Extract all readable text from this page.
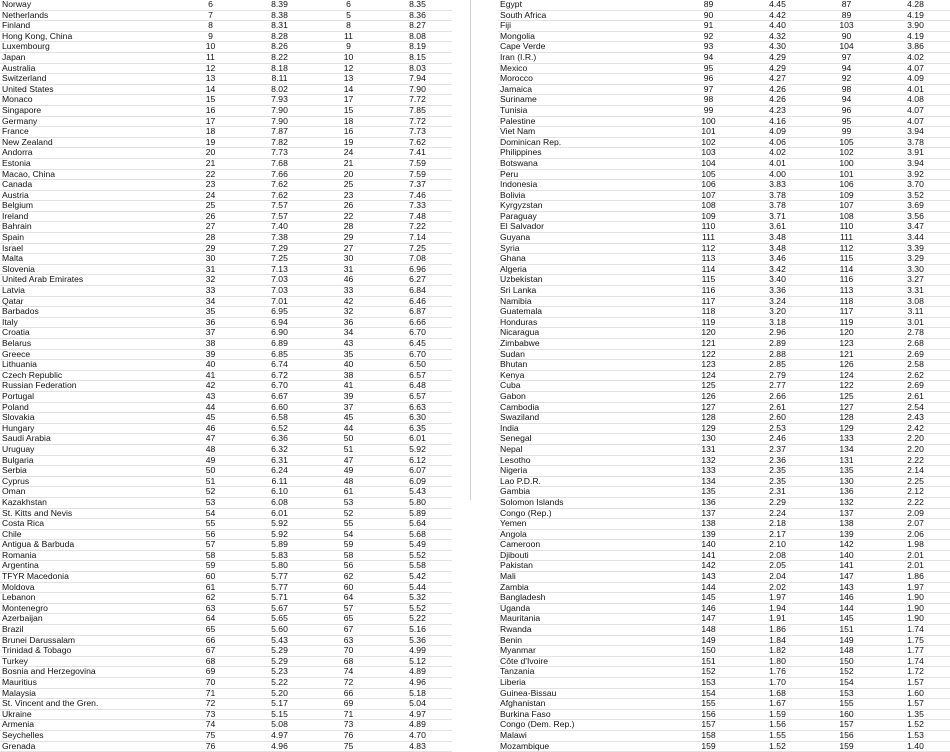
Norway	6	8.39	6	8.35
Netherlands	7	8.38	5	8.36
Finland	8	8.31	8	8.27
Hong Kong, China	9	8.28	11	8.08
Luxembourg	10	8.26	9	8.19
Japan	11	8.22	10	8.15
Australia	12	8.18	12	8.03
Switzerland	13	8.11	13	7.94
United States	14	8.02	14	7.90
Monaco	15	7.93	17	7.72
Singapore	16	7.90	15	7.85
Germany	17	7.90	18	7.72
France	18	7.87	16	7.73
New Zealand	19	7.82	19	7.62
Andorra	20	7.73	24	7.41
Estonia	21	7.68	21	7.59
Macao, China	22	7.66	20	7.59
Canada	23	7.62	25	7.37
Austria	24	7.62	23	7.46
Belgium	25	7.57	26	7.33
Ireland	26	7.57	22	7.48
Bahrain	27	7.40	28	7.22
Spain	28	7.38	29	7.14
Israel	29	7.29	27	7.25
Malta	30	7.25	30	7.08
Slovenia	31	7.13	31	6.96
United Arab Emirates	32	7.03	46	6.27
Latvia	33	7.03	33	6.84
Qatar	34	7.01	42	6.46
Barbados	35	6.95	32	6.87
Italy	36	6.94	36	6.66
Croatia	37	6.90	34	6.70
Belarus	38	6.89	43	6.45
Greece	39	6.85	35	6.70
Lithuania	40	6.74	40	6.50
Czech Republic	41	6.72	38	6.57
Russian Federation	42	6.70	41	6.48
Portugal	43	6.67	39	6.57
Poland	44	6.60	37	6.63
Slovakia	45	6.58	45	6.30
Hungary	46	6.52	44	6.35
Saudi Arabia	47	6.36	50	6.01
Uruguay	48	6.32	51	5.92
Bulgaria	49	6.31	47	6.12
Serbia	50	6.24	49	6.07
Cyprus	51	6.11	48	6.09
Oman	52	6.10	61	5.43
Kazakhstan	53	6.08	53	5.80
St. Kitts and Nevis	54	6.01	52	5.89
Costa Rica	55	5.92	55	5.64
Chile	56	5.92	54	5.68
Antigua & Barbuda	57	5.89	59	5.49
Romania	58	5.83	58	5.52
Argentina	59	5.80	56	5.58
TFYR Macedonia	60	5.77	62	5.42
Moldova	61	5.77	60	5.44
Lebanon	62	5.71	64	5.32
Montenegro	63	5.67	57	5.52
Azerbaijan	64	5.65	65	5.22
Brazil	65	5.60	67	5.16
Brunei Darussalam	66	5.43	63	5.36
Trinidad & Tobago	67	5.29	70	4.99
Turkey	68	5.29	68	5.12
Bosnia and Herzegovina	69	5.23	74	4.89
Mauritius	70	5.22	72	4.96
Malaysia	71	5.20	66	5.18
St. Vincent and the Gren.	72	5.17	69	5.04
Ukraine	73	5.15	71	4.97
Armenia	74	5.08	73	4.89
Seychelles	75	4.97	76	4.70
Grenada	76	4.96	75	4.83
Egypt	89	4.45	87	4.28
South Africa	90	4.42	89	4.19
Fiji	91	4.40	103	3.90
Mongolia	92	4.32	90	4.19
Cape Verde	93	4.30	104	3.86
Iran (I.R.)	94	4.29	97	4.02
Mexico	95	4.29	94	4.07
Morocco	96	4.27	92	4.09
Jamaica	97	4.26	98	4.01
Suriname	98	4.26	94	4.08
Tunisia	99	4.23	96	4.07
Palestine	100	4.16	95	4.07
Viet Nam	101	4.09	99	3.94
Dominican Rep.	102	4.06	105	3.78
Philippines	103	4.02	102	3.91
Botswana	104	4.01	100	3.94
Peru	105	4.00	101	3.92
Indonesia	106	3.83	106	3.70
Bolivia	107	3.78	109	3.52
Kyrgyzstan	108	3.78	107	3.69
Paraguay	109	3.71	108	3.56
El Salvador	110	3.61	110	3.47
Guyana	111	3.48	111	3.44
Syria	112	3.48	112	3.39
Ghana	113	3.46	115	3.29
Algeria	114	3.42	114	3.30
Uzbekistan	115	3.40	116	3.27
Sri Lanka	116	3.36	113	3.31
Namibia	117	3.24	118	3.08
Guatemala	118	3.20	117	3.11
Honduras	119	3.18	119	3.01
Nicaragua	120	2.96	120	2.78
Zimbabwe	121	2.89	123	2.68
Sudan	122	2.88	121	2.69
Bhutan	123	2.85	126	2.58
Kenya	124	2.79	124	2.62
Cuba	125	2.77	122	2.69
Gabon	126	2.66	125	2.61
Cambodia	127	2.61	127	2.54
Swaziland	128	2.60	128	2.43
India	129	2.53	129	2.42
Senegal	130	2.46	133	2.20
Nepal	131	2.37	134	2.20
Lesotho	132	2.36	131	2.22
Nigeria	133	2.35	135	2.14
Lao P.D.R.	134	2.35	130	2.25
Gambia	135	2.31	136	2.12
Solomon Islands	136	2.29	132	2.22
Congo (Rep.)	137	2.24	137	2.09
Yemen	138	2.18	138	2.07
Angola	139	2.17	139	2.06
Cameroon	140	2.10	142	1.98
Djibouti	141	2.08	140	2.01
Pakistan	142	2.05	141	2.01
Mali	143	2.04	147	1.86
Zambia	144	2.02	143	1.97
Bangladesh	145	1.97	146	1.90
Uganda	146	1.94	144	1.90
Mauritania	147	1.91	145	1.90
Rwanda	148	1.86	151	1.74
Benin	149	1.84	149	1.75
Myanmar	150	1.82	148	1.77
Côte d'Ivoire	151	1.80	150	1.74
Tanzania	152	1.76	152	1.72
Liberia	153	1.70	154	1.57
Guinea-Bissau	154	1.68	153	1.60
Afghanistan	155	1.67	155	1.57
Burkina Faso	156	1.59	160	1.35
Congo (Dem. Rep.)	157	1.56	157	1.52
Malawi	158	1.55	156	1.53
Mozambique	159	1.52	159	1.40
